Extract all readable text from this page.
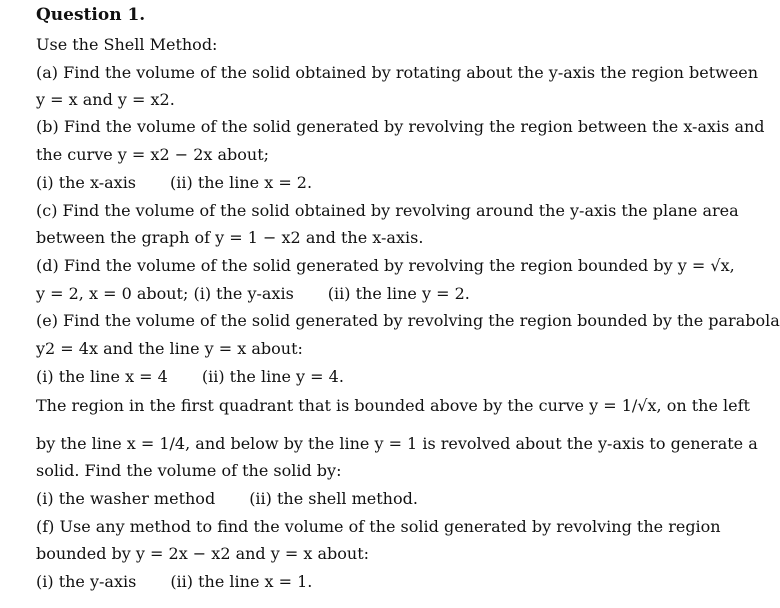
Question 1.
Use the Shell Method:
(a) Find the volume of the solid obtained by rotating about the y-axis the region between
y = x and y = x2.
(b) Find the volume of the solid generated by revolving the region between the x-axis and
the curve y = x2 − 2x about;
(i) the x-axis (ii) the line x = 2.
(c) Find the volume of the solid obtained by revolving around the y-axis the plane area
between the graph of y = 1 − x2 and the x-axis.
(d) Find the volume of the solid generated by revolving the region bounded by y = √x,
y = 2, x = 0 about; (i) the y-axis (ii) the line y = 2.
(e) Find the volume of the solid generated by revolving the region bounded by the parabola
y2 = 4x and the line y = x about:
(i) the line x = 4 (ii) the line y = 4.
The region in the first quadrant that is bounded above by the curve y = 1/√x, on the left
by the line x = 1/4, and below by the line y = 1 is revolved about the y-axis to generate a
solid. Find the volume of the solid by:
(i) the washer method (ii) the shell method.
(f) Use any method to find the volume of the solid generated by revolving the region
bounded by y = 2x − x2 and y = x about:
(i) the y-axis (ii) the line x = 1.
